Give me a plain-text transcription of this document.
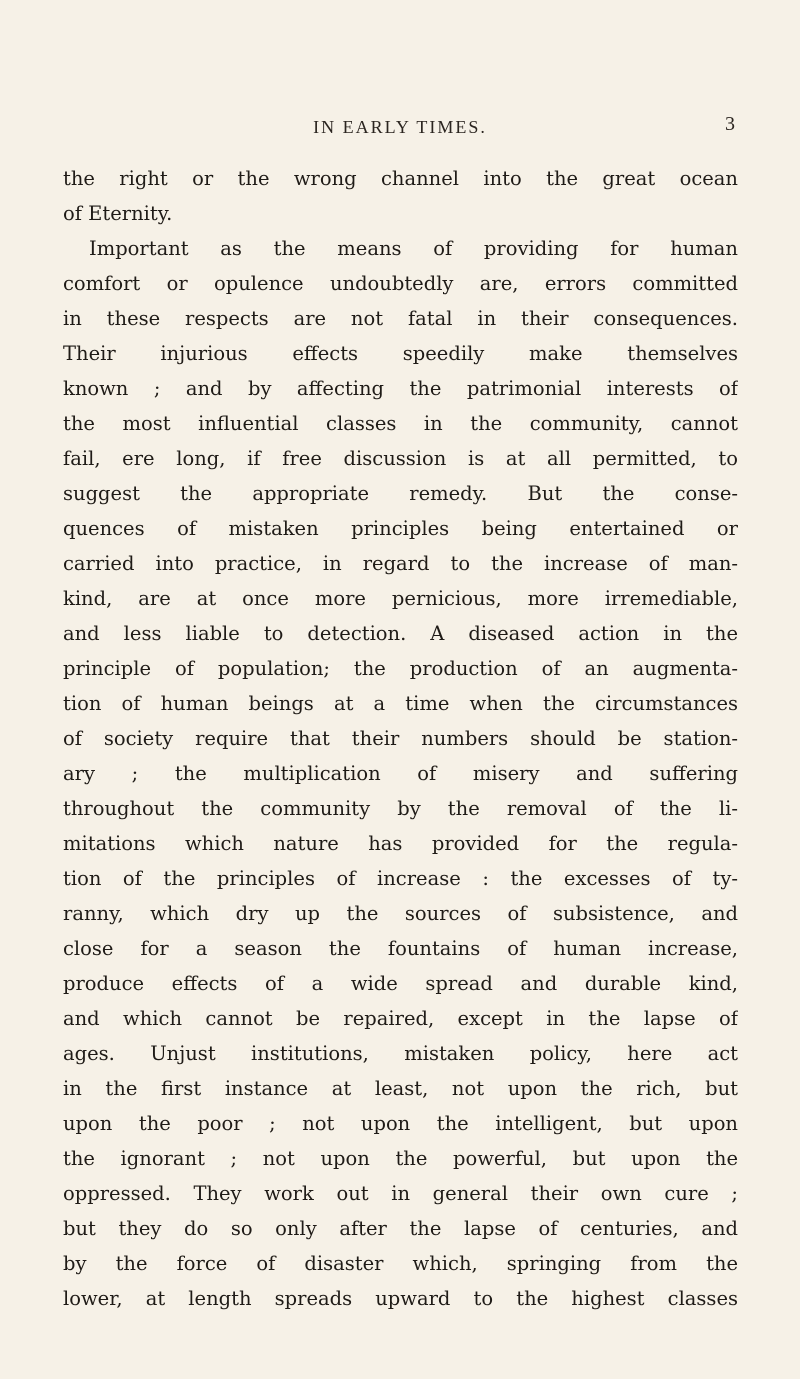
IN EARLY TIMES.	3
the right or the wrong channel into the great ocean
of Eternity.
Important as the means of providing for human
comfort or opulence undoubtedly are, errors committed
in these respects are not fatal in their consequences.
Their injurious effects speedily make themselves
known ; and by affecting the patrimonial interests of
the most influential classes in the community, cannot
fail, ere long, if free discussion is at all permitted, to
suggest the appropriate remedy. But the conse-
quences of mistaken principles being entertained or
carried into practice, in regard to the increase of man-
kind, are at once more pernicious, more irremediable,
and less liable to detection. A diseased action in the
principle of population; the production of an augmenta-
tion of human beings at a time when the circumstances
of society require that their numbers should be station-
ary ; the multiplication of misery and suffering
throughout the community by the removal of the li-
mitations which nature has provided for the regula-
tion of the principles of increase : the excesses of ty-
ranny, which dry up the sources of subsistence, and
close for a season the fountains of human increase,
produce effects of a wide spread and durable kind,
and which cannot be repaired, except in the lapse of
ages. Unjust institutions, mistaken policy, here act
in the first instance at least, not upon the rich, but
upon the poor ; not upon the intelligent, but upon
the ignorant ; not upon the powerful, but upon the
oppressed. They work out in general their own cure ;
but they do so only after the lapse of centuries, and
by the force of disaster which, springing from the
lower, at length spreads upward to the highest classes
